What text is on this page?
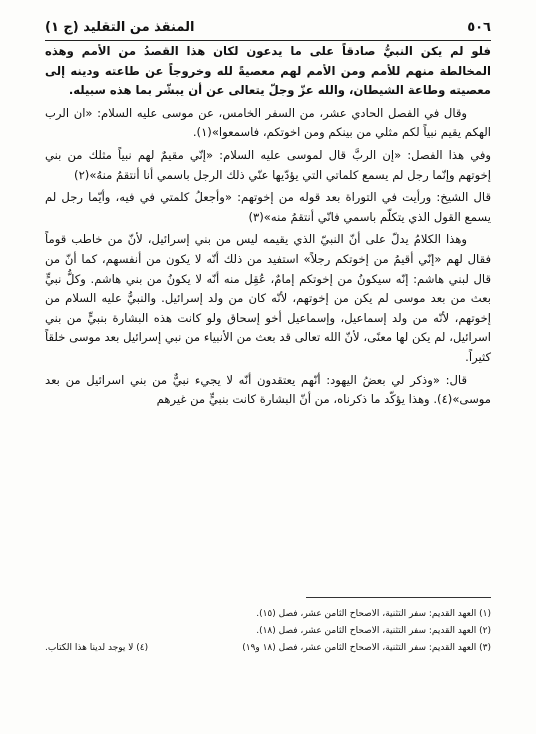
٥٠٦
المنقذ من التقليد (ج ١)

فلو لم يكن النبيُّ صادقاً على ما يدعون لكان هذا القصدُ من الأمم وهذه المخالطة منهم للأمم ومن الأمم لهم معصيةً لله وخروجاً عن طاعته ودينه إلى معصيته وطاعة الشيطان، والله عزّ وجلّ يتعالى عن أن يبشّر بما هذه سبيله.

وقال في الفصل الحادي عشر، من السفر الخامس، عن موسى عليه السلام: «ان الرب الهكم يقيم نبياً لكم مثلي من بينكم ومن اخوتكم، فاسمعوا»(١).

وفي هذا الفصل: «إن الربَّ قال لموسى عليه السلام: «إنّي مقيمٌ لهم نبياً مثلك من بني إخوتهم وإنّما رجل لم يسمع كلماتي التي يؤدّيها عنّي ذلك الرجل باسمي أنا أنتقمُ منهُ»(٢)

قال الشيخ: ورأيت في التوراة بعد قوله من إخوتهم: «وأجعلُ كلمتي في فيه، وأيّما رجل لم يسمع القول الذي يتكلّم باسمي فانّي أنتقمُ منه»(٣)

وهذا الكلامُ يدلّ على أنّ النبيّ الذي يقيمه ليس من بني إسرائيل، لأنّ من خاطب قوماً فقال لهم «إنّي أقيمُ من إخوتكم رجلاً» استفيد من ذلك أنّه لا يكون من أنفسهم، كما أنّ من قال لبني هاشم: إنّه سيكونُ من إخوتكم إمامٌ، عُقِل منه أنّه لا يكونُ من بني هاشم. وكلُّ نبيٍّ بعث من بعد موسى لم يكن من إخوتهم، لأنّه كان من ولد إسرائيل. والنبيُّ عليه السلام من إخوتهم، لأنّه من ولد إسماعيل، وإسماعيل أخو إسحاق ولو كانت هذه البشارة بنبيٍّ من بني اسرائيل، لم يكن لها معنًى، لأنّ الله تعالى قد بعث من الأنبياء من نبي إسرائيل بعد موسى خلقاً كثيراً.

قال: «وذكر لي بعضُ اليهود: أنّهم يعتقدون أنّه لا يجيء نبيٌّ من بني اسرائيل من بعد موسى»(٤). وهذا يؤكّد ما ذكرناه، من أنّ البشارة كانت بنبيٍّ من غيرهم

(١) العهد القديم: سفر التثنية، الاصحاح الثامن عشر، فصل (١٥).
(٢) العهد القديم: سفر التثنية، الاصحاح الثامن عشر، فصل (١٨).
(٣) العهد القديم: سفر التثنية، الاصحاح الثامن عشر، فصل (١٨ و١٩)
(٤) لا يوجد لدينا هذا الكتاب.
